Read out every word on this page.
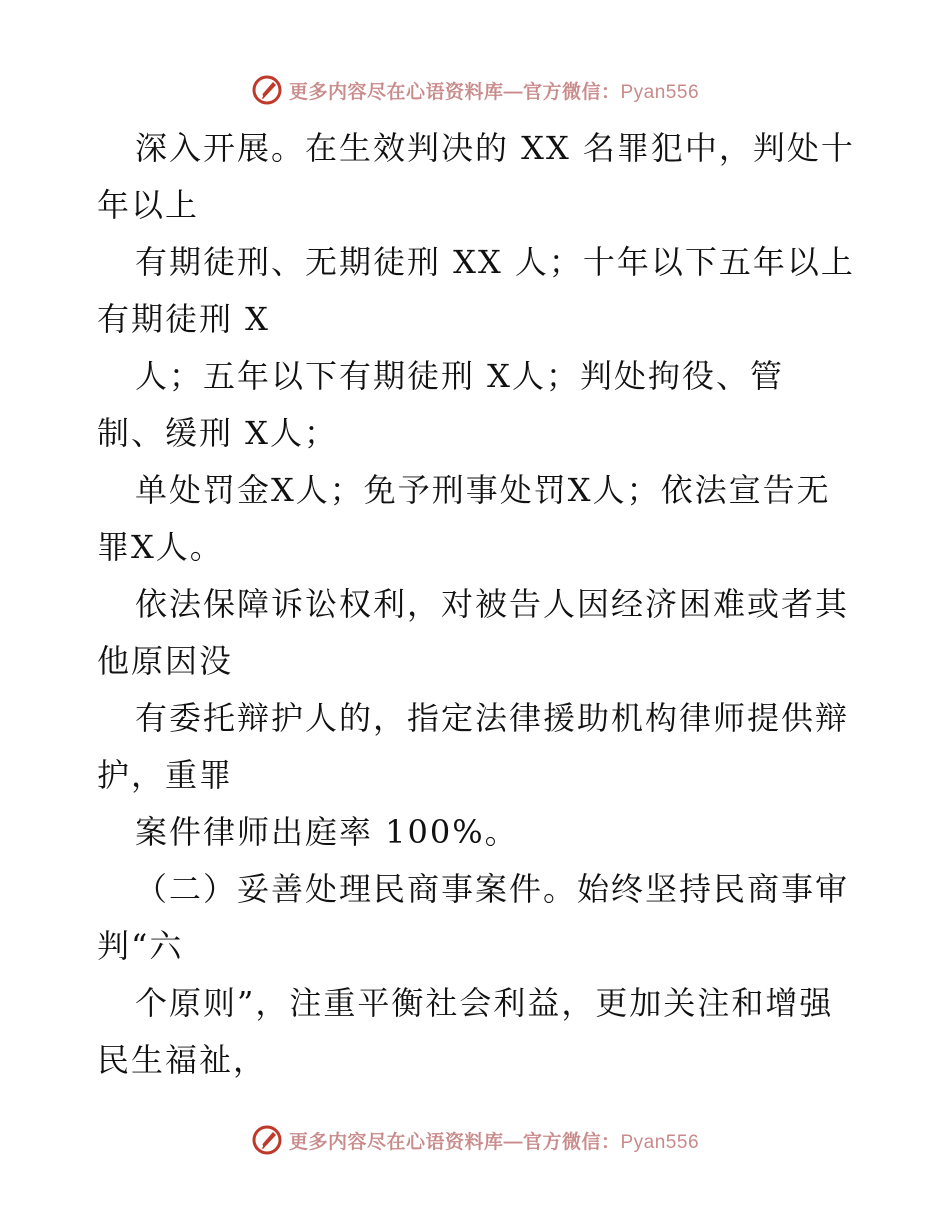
更多内容尽在心语资料库—官方微信：Pyan556

深入开展。在生效判决的 XX 名罪犯中，判处十

年以上

有期徒刑、无期徒刑 XX 人；十年以下五年以上

有期徒刑 X

人；五年以下有期徒刑 X人；判处拘役、管

制、缓刑 X人；

单处罚金X人；免予刑事处罚X人；依法宣告无

罪X人。

依法保障诉讼权利，对被告人因经济困难或者其

他原因没

有委托辩护人的，指定法律援助机构律师提供辩

护，重罪

案件律师出庭率 100%。

（二）妥善处理民商事案件。始终坚持民商事审

判“六

个原则”，注重平衡社会利益，更加关注和增强

民生福祉，

更多内容尽在心语资料库—官方微信：Pyan556
